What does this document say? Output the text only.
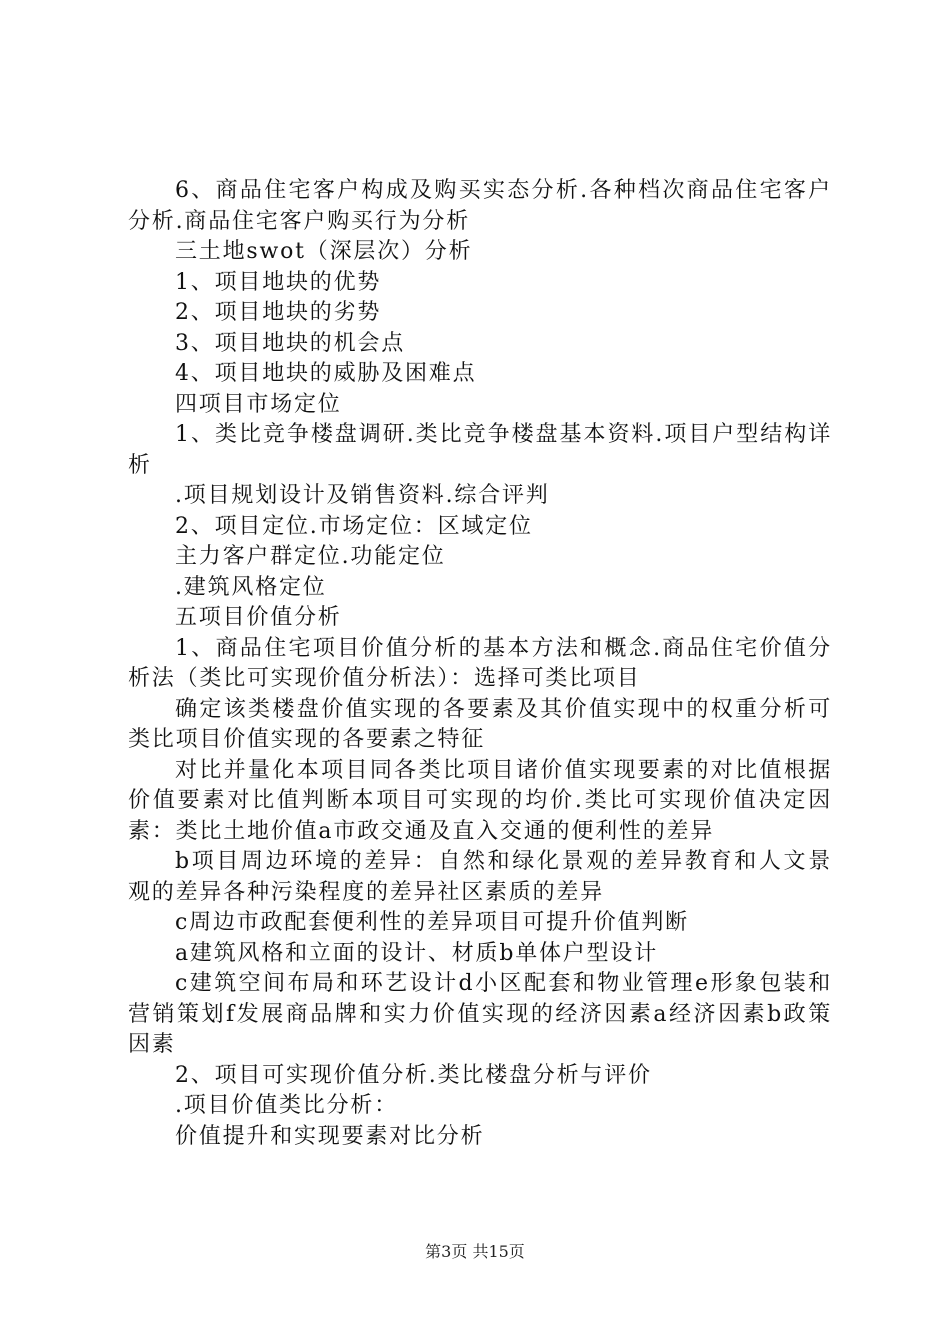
6、商品住宅客户构成及购买实态分析.各种档次商品住宅客户分析.商品住宅客户购买行为分析

三土地swot（深层次）分析

1、项目地块的优势

2、项目地块的劣势

3、项目地块的机会点

4、项目地块的威胁及困难点

四项目市场定位

1、类比竞争楼盘调研.类比竞争楼盘基本资料.项目户型结构详析

.项目规划设计及销售资料.综合评判

2、项目定位.市场定位：区域定位

主力客户群定位.功能定位

.建筑风格定位

五项目价值分析

1、商品住宅项目价值分析的基本方法和概念.商品住宅价值分析法（类比可实现价值分析法）：选择可类比项目

确定该类楼盘价值实现的各要素及其价值实现中的权重分析可类比项目价值实现的各要素之特征

对比并量化本项目同各类比项目诸价值实现要素的对比值根据价值要素对比值判断本项目可实现的均价.类比可实现价值决定因素：类比土地价值a市政交通及直入交通的便利性的差异

b项目周边环境的差异：自然和绿化景观的差异教育和人文景观的差异各种污染程度的差异社区素质的差异

c周边市政配套便利性的差异项目可提升价值判断

a建筑风格和立面的设计、材质b单体户型设计

c建筑空间布局和环艺设计d小区配套和物业管理e形象包装和营销策划f发展商品牌和实力价值实现的经济因素a经济因素b政策因素

2、项目可实现价值分析.类比楼盘分析与评价

.项目价值类比分析：

价值提升和实现要素对比分析

第3页 共15页
